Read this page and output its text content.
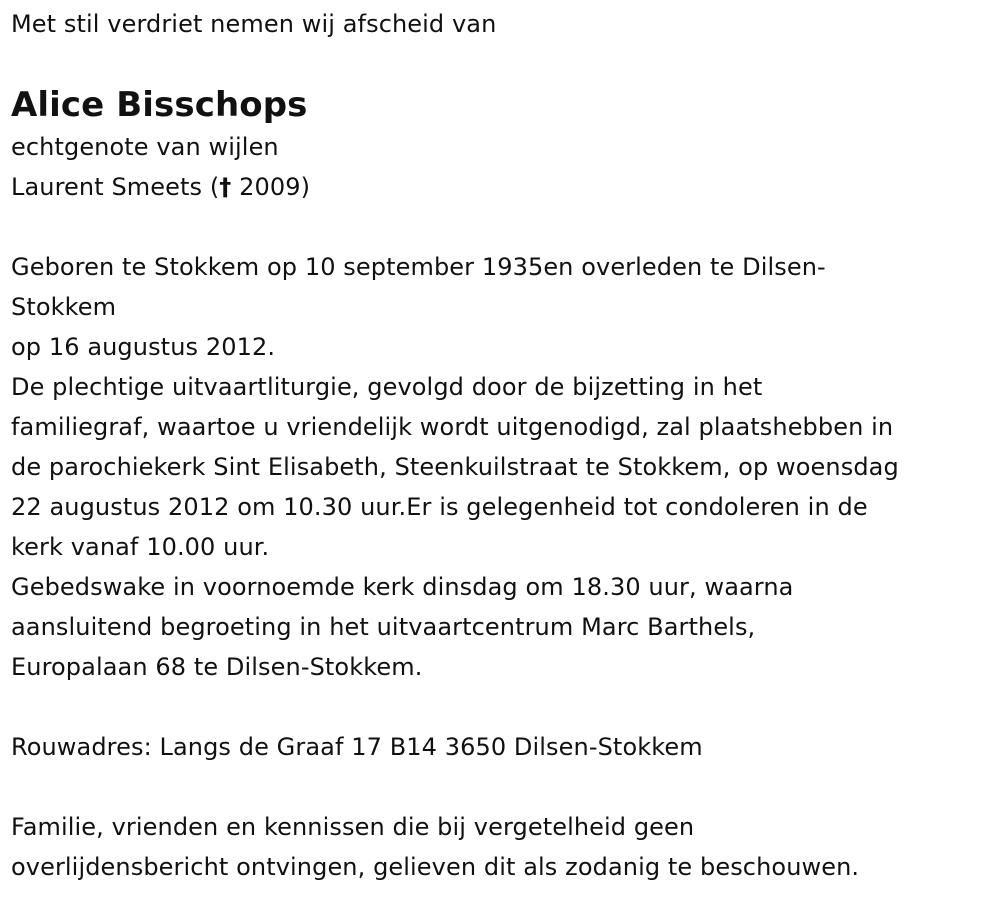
Met stil verdriet nemen wij afscheid van
Alice Bisschops
echtgenote van wijlen
Laurent Smeets († 2009)
Geboren te Stokkem op 10 september 1935en overleden te Dilsen-
Stokkem
op 16 augustus 2012.
De plechtige uitvaartliturgie, gevolgd door de bijzetting in het
familiegraf, waartoe u vriendelijk wordt uitgenodigd, zal plaatshebben in
de parochiekerk Sint Elisabeth, Steenkuilstraat te Stokkem, op woensdag
22 augustus 2012 om 10.30 uur.Er is gelegenheid tot condoleren in de
kerk vanaf 10.00 uur.
Gebedswake in voornoemde kerk dinsdag om 18.30 uur, waarna
aansluitend begroeting in het uitvaartcentrum Marc Barthels,
Europalaan 68 te Dilsen-Stokkem.
Rouwadres: Langs de Graaf 17 B14 3650 Dilsen-Stokkem
Familie, vrienden en kennissen die bij vergetelheid geen
overlijdensbericht ontvingen, gelieven dit als zodanig te beschouwen.
